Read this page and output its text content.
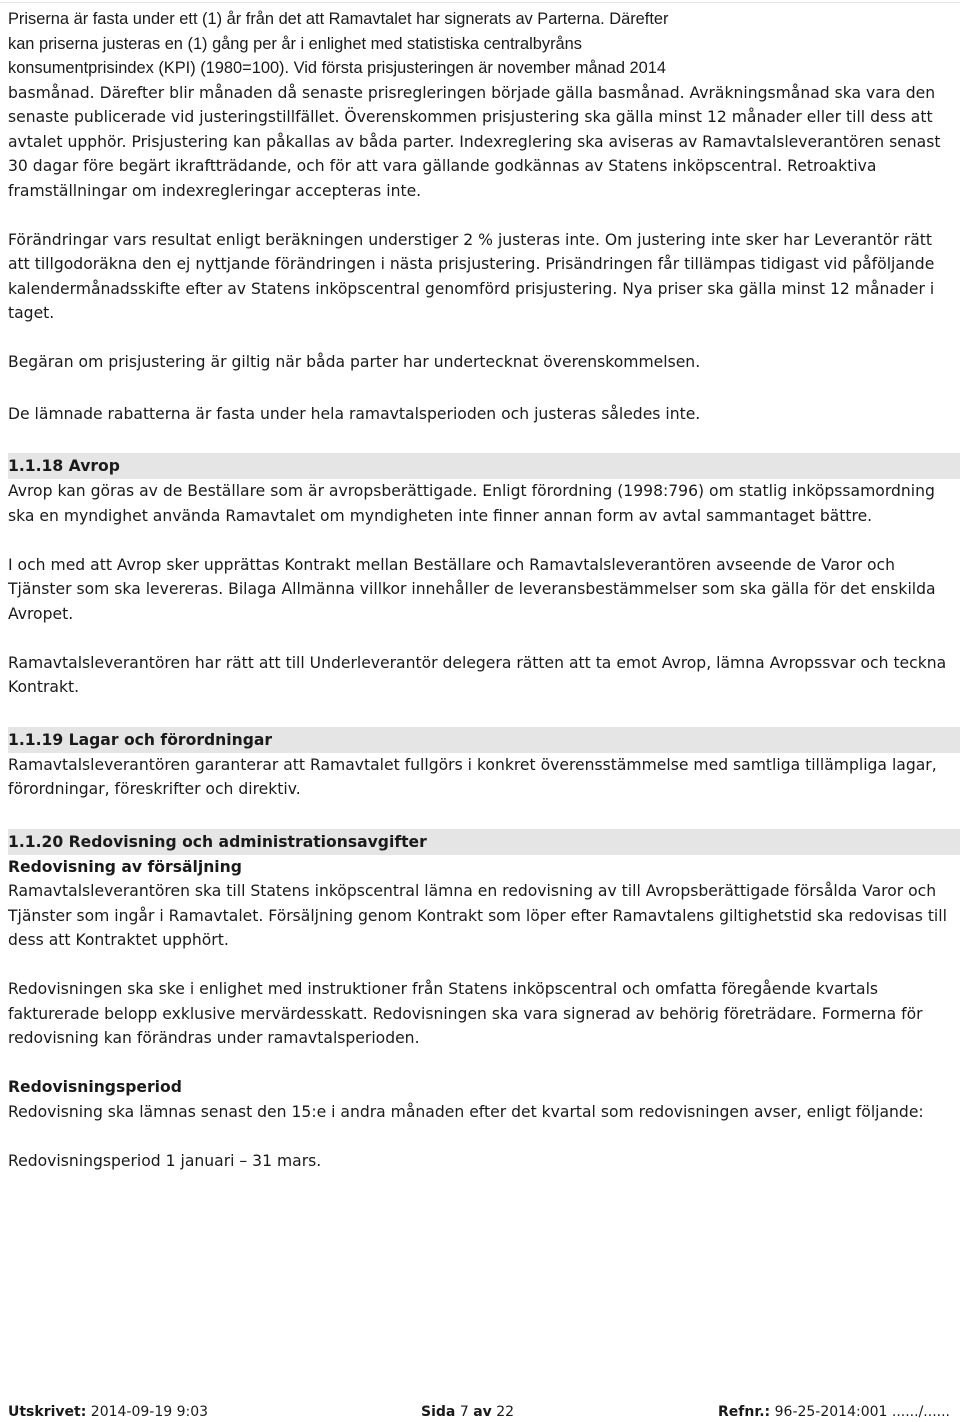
Priserna är fasta under ett (1) år från det att Ramavtalet har signerats av Parterna. Därefter

kan priserna justeras en (1) gång per år i enlighet med statistiska centralbyråns

konsumentprisindex (KPI) (1980=100). Vid första prisjusteringen är november månad 2014

basmånad. Därefter blir månaden då senaste prisregleringen började gälla basmånad. Avräkningsmånad ska vara den senaste publicerade vid justeringstillfället. Överenskommen prisjustering ska gälla minst 12 månader eller till dess att avtalet upphör. Prisjustering kan påkallas av båda parter. Indexreglering ska aviseras av Ramavtalsleverantören senast 30 dagar före begärt ikraftträdande, och för att vara gällande godkännas av Statens inköpscentral. Retroaktiva framställningar om indexregleringar accepteras inte.

Förändringar vars resultat enligt beräkningen understiger 2 % justeras inte. Om justering inte sker har Leverantör rätt att tillgodoräkna den ej nyttjande förändringen i nästa prisjustering. Prisändringen får tillämpas tidigast vid påföljande kalendermånadsskifte efter av Statens inköpscentral genomförd prisjustering. Nya priser ska gälla minst 12 månader i taget.

Begäran om prisjustering är giltig när båda parter har undertecknat överenskommelsen.

De lämnade rabatterna är fasta under hela ramavtalsperioden och justeras således inte.

1.1.18 Avrop

Avrop kan göras av de Beställare som är avropsberättigade. Enligt förordning (1998:796) om statlig inköpssamordning ska en myndighet använda Ramavtalet om myndigheten inte finner annan form av avtal sammantaget bättre.

I och med att Avrop sker upprättas Kontrakt mellan Beställare och Ramavtalsleverantören avseende de Varor och Tjänster som ska levereras. Bilaga Allmänna villkor innehåller de leveransbestämmelser som ska gälla för det enskilda Avropet.

Ramavtalsleverantören har rätt att till Underleverantör delegera rätten att ta emot Avrop, lämna Avropssvar och teckna Kontrakt.

1.1.19 Lagar och förordningar

Ramavtalsleverantören garanterar att Ramavtalet fullgörs i konkret överensstämmelse med samtliga tillämpliga lagar, förordningar, föreskrifter och direktiv.

1.1.20 Redovisning och administrationsavgifter

Redovisning av försäljning

Ramavtalsleverantören ska till Statens inköpscentral lämna en redovisning av till Avropsberättigade försålda Varor och Tjänster som ingår i Ramavtalet. Försäljning genom Kontrakt som löper efter Ramavtalens giltighetstid ska redovisas till dess att Kontraktet upphört.

Redovisningen ska ske i enlighet med instruktioner från Statens inköpscentral och omfatta föregående kvartals fakturerade belopp exklusive mervärdesskatt. Redovisningen ska vara signerad av behörig företrädare. Formerna för redovisning kan förändras under ramavtalsperioden.

Redovisningsperiod

Redovisning ska lämnas senast den 15:e i andra månaden efter det kvartal som redovisningen avser, enligt följande:

Redovisningsperiod 1 januari – 31 mars.

Utskrivet: 2014-09-19 9:03	Sida 7 av 22	Refnr.: 96-25-2014:001 ....../......
